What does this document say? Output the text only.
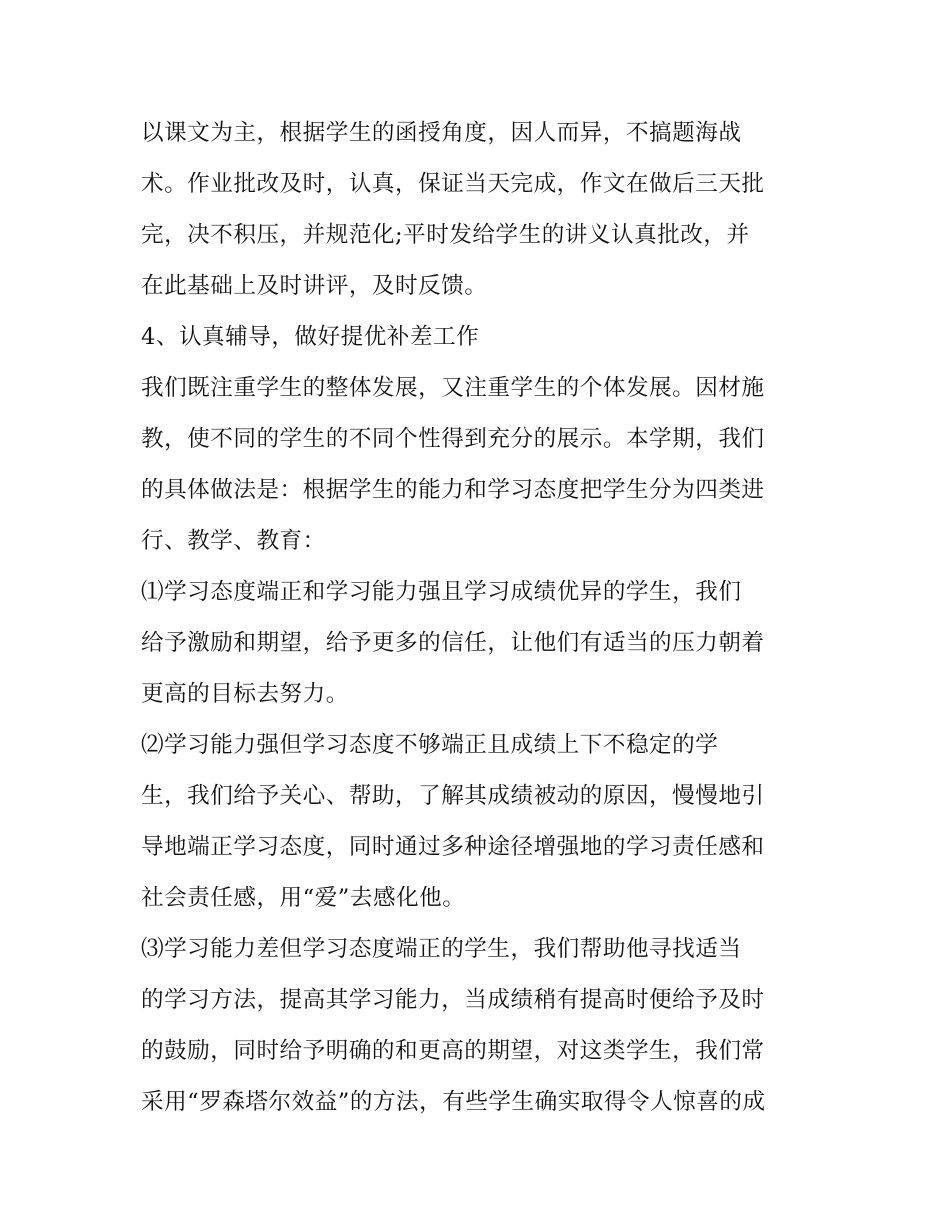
以课文为主，根据学生的函授角度，因人而异，不搞题海战
术。作业批改及时，认真，保证当天完成，作文在做后三天批
完，决不积压，并规范化;平时发给学生的讲义认真批改，并
在此基础上及时讲评，及时反馈。
4、认真辅导，做好提优补差工作
我们既注重学生的整体发展，又注重学生的个体发展。因材施
教，使不同的学生的不同个性得到充分的展示。本学期，我们
的具体做法是：根据学生的能力和学习态度把学生分为四类进
行、教学、教育：
⑴学习态度端正和学习能力强且学习成绩优异的学生，我们
给予激励和期望，给予更多的信任，让他们有适当的压力朝着
更高的目标去努力。
⑵学习能力强但学习态度不够端正且成绩上下不稳定的学
生，我们给予关心、帮助，了解其成绩被动的原因，慢慢地引
导地端正学习态度，同时通过多种途径增强地的学习责任感和
社会责任感，用“爱”去感化他。
⑶学习能力差但学习态度端正的学生，我们帮助他寻找适当
的学习方法，提高其学习能力，当成绩稍有提高时便给予及时
的鼓励，同时给予明确的和更高的期望，对这类学生，我们常
采用“罗森塔尔效益”的方法，有些学生确实取得令人惊喜的成
